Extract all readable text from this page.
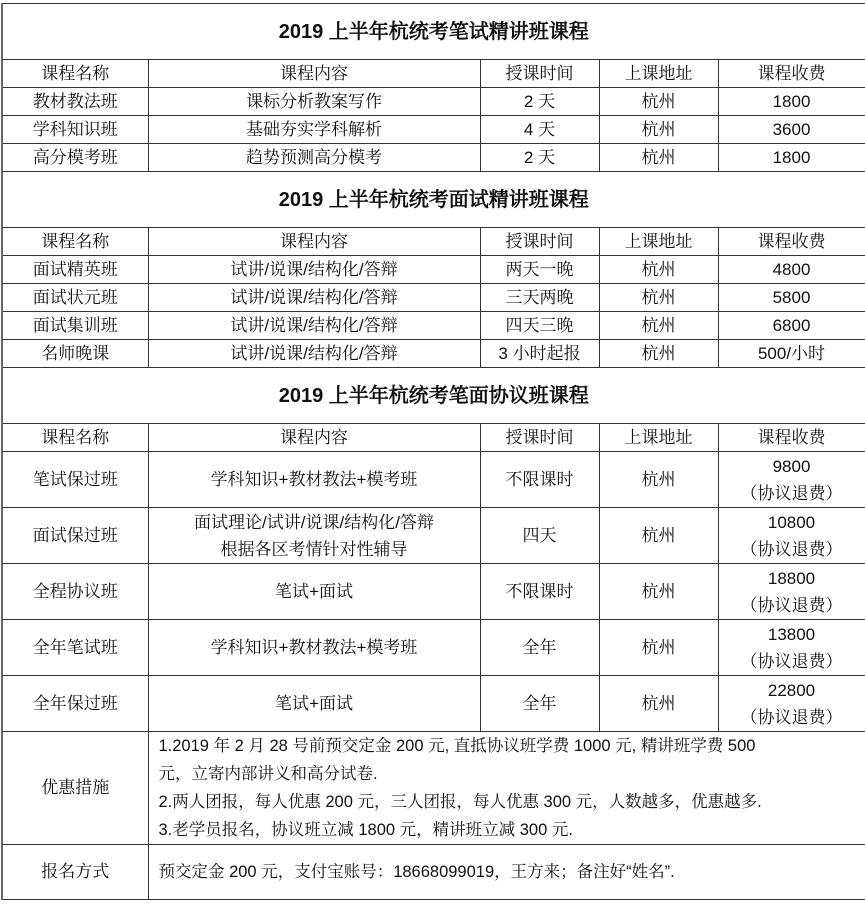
2019 上半年杭统考笔试精讲班课程				
课程名称	课程内容	授课时间	上课地址	课程收费
教材教法班	课标分析教案写作	2 天	杭州	1800

学科知识班	基础夯实学科解析	4 天	杭州	3600

高分模考班	趋势预测高分模考	2 天	杭州	1800

2019 上半年杭统考面试精讲班课程				
课程名称	课程内容	授课时间	上课地址	课程收费
面试精英班	试讲/说课/结构化/答辩	两天一晚	杭州	4800

面试状元班	试讲/说课/结构化/答辩	三天两晚	杭州	5800

面试集训班	试讲/说课/结构化/答辩	四天三晚	杭州	6800

名师晚课	试讲/说课/结构化/答辩	3 小时起报	杭州	500/小时

2019 上半年杭统考笔面协议班课程				
课程名称	课程内容	授课时间	上课地址	课程收费
笔试保过班	学科知识+教材教法+模考班	不限课时	杭州	9800
（协议退费）

面试保过班	面试理论/试讲/说课/结构化/答辩
根据各区考情针对性辅导	四天	杭州	10800
（协议退费）

全程协议班	笔试+面试	不限课时	杭州	18800
（协议退费）

全年笔试班	学科知识+教材教法+模考班	全年	杭州	13800
（协议退费）

全年保过班	笔试+面试	全年	杭州	22800
（协议退费）

优惠措施	1.2019 年 2 月 28 号前预交定金 200 元, 直抵协议班学费 1000 元, 精讲班学费 500
元，立寄内部讲义和高分试卷.
2.两人团报，每人优惠 200 元，三人团报，每人优惠 300 元，人数越多，优惠越多.
3.老学员报名，协议班立减 1800 元，精讲班立减 300 元.			

报名方式	预交定金 200 元，支付宝账号：18668099019，王方来；备注好“姓名”.			
